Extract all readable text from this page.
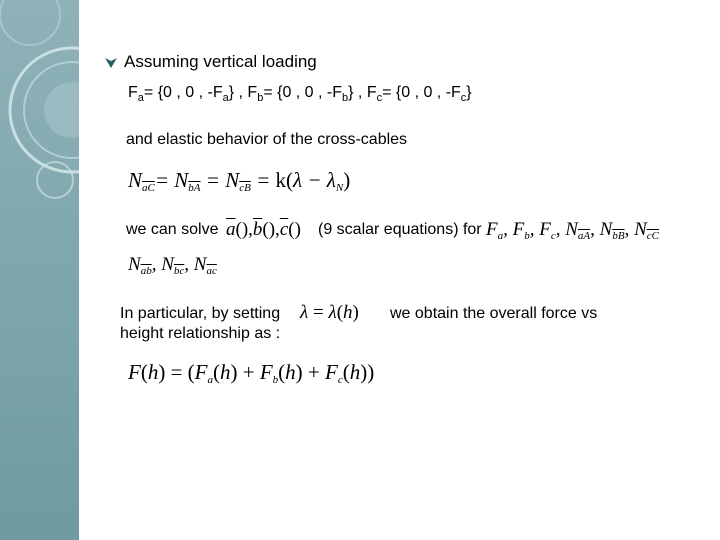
Assuming vertical loading
$F_a= \{0$ , 0 , $-F_a$} , $F_b= \{0$ , 0 , $-F_b$} , $F_c= \{0$ , 0 , $-F_c$}
and elastic behavior of the cross-cables
$N_{\overline{aC}}= N_{\overline{bA}} = N_{\overline{cB}} = k(\lambda - \lambda_N)$
we can solve $\overline{a}(),\overline{b}(),\overline{c}()$ (9 scalar equations) for $F_a$, $F_b$, $F_c$, $N_{\overline{aA}}$, $N_{\overline{bB}}$, $N_{\overline{cC}}$
$N_{\overline{ab}}$, $N_{\overline{bc}}$, $N_{\overline{ac}}$
In particular, by setting λ = λ(h) we obtain the overall force vs
height relationship as :
$F(h) = (F_a(h) + F_b(h) + F_c(h))$
